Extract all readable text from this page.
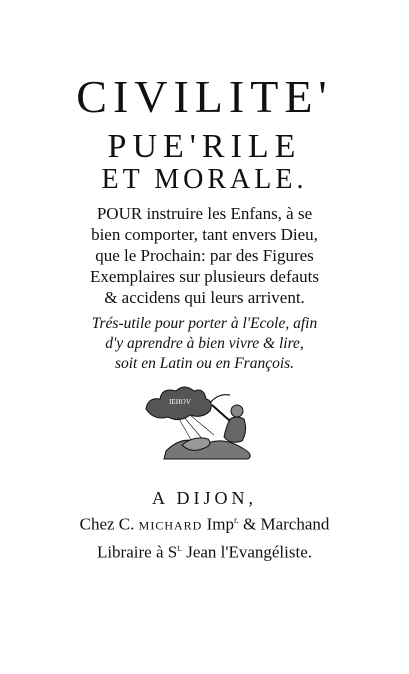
CIVILITE'
PUE'RILE
ET MORALE.
POUR instruire les Enfans, à se
bien comporter, tant envers Dieu,
que le Prochain: par des Figures
Exemplaires sur plusieurs defauts
& accidens qui leurs arrivent.
Trés-utile pour porter à l'Ecole, afin
d'y aprendre à bien vivre & lire,
soit en Latin ou en François.
IEHOV
A DIJON,
Chez C. MICHARD Imp$^{r.}$ & Marchand
Libraire à $S^{t.}$ Jean l'Evangéliste.
